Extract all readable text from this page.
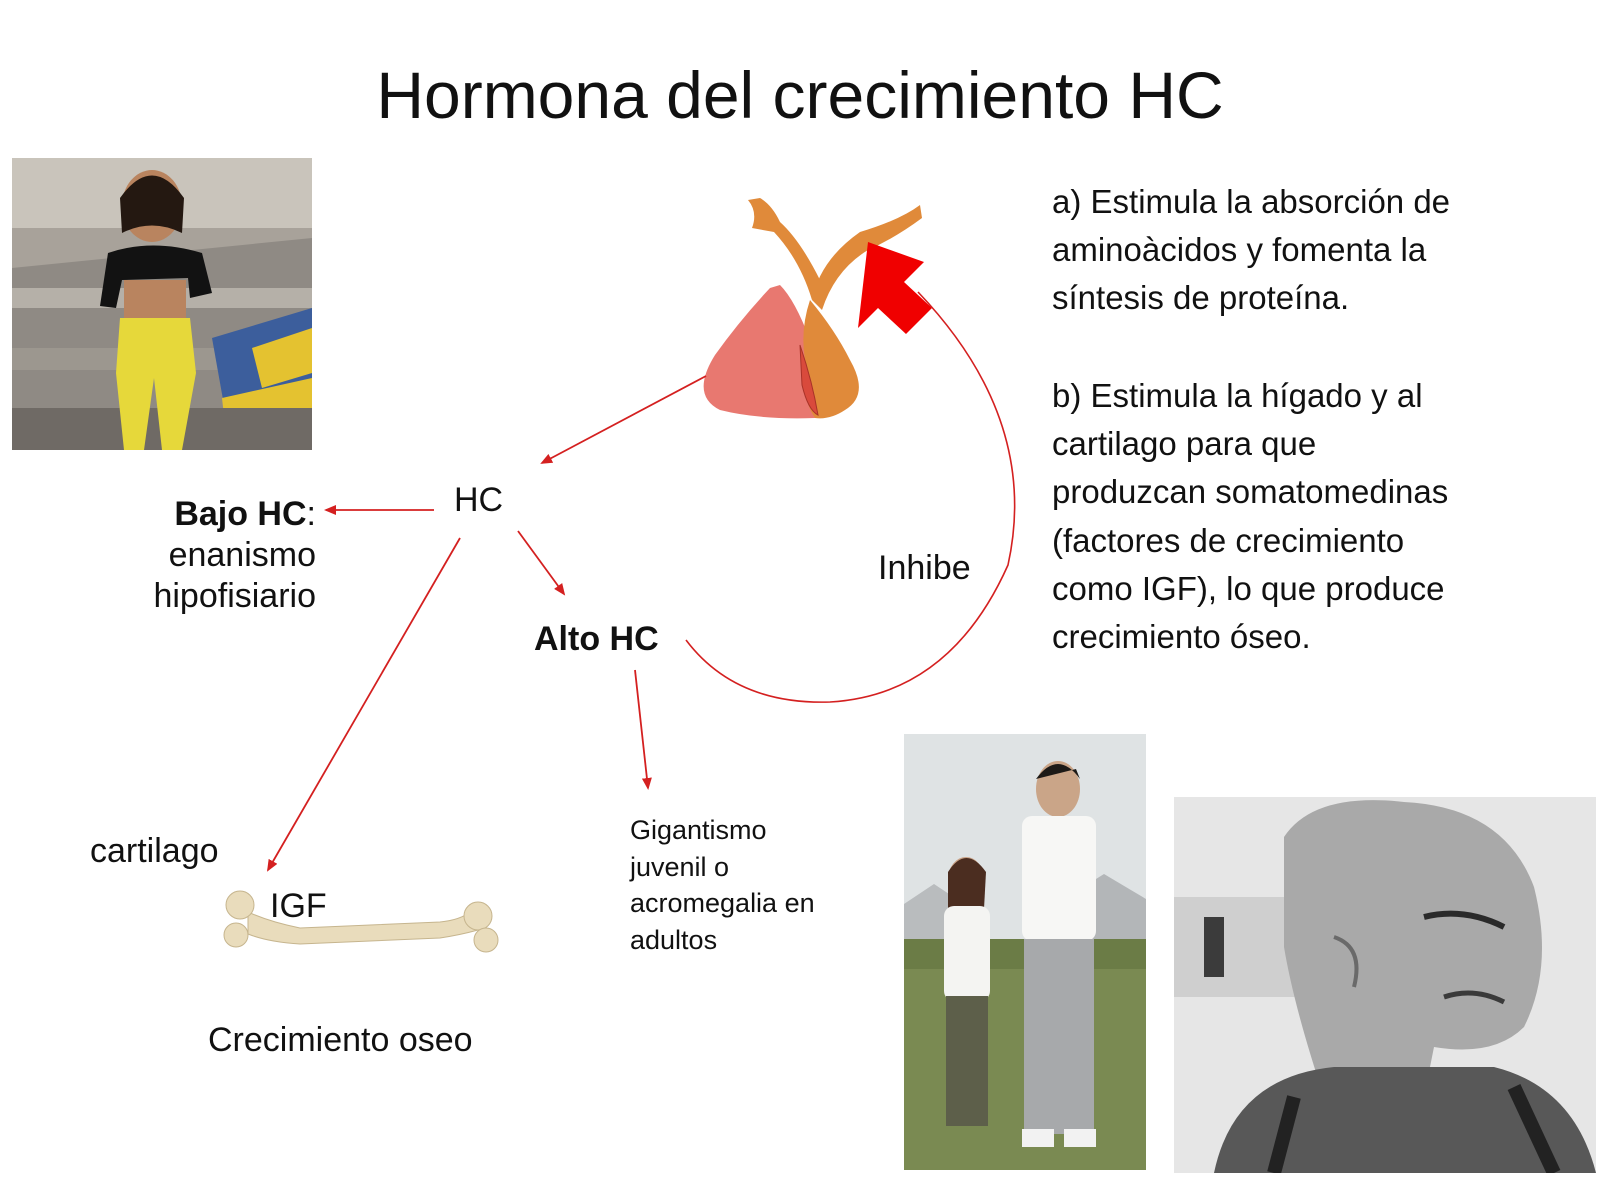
Hormona del crecimiento HC
HC
Bajo HC:
enanismo
hipofisiario
Alto HC
Inhibe
cartilago
IGF
Crecimiento oseo
Gigantismo
juvenil o
acromegalia en
adultos
a) Estimula la absorción de
aminoàcidos y fomenta la
síntesis de proteína.
b) Estimula la hígado y al
cartilago para que
produzcan somatomedinas
(factores de crecimiento
como IGF), lo que produce
crecimiento óseo.
